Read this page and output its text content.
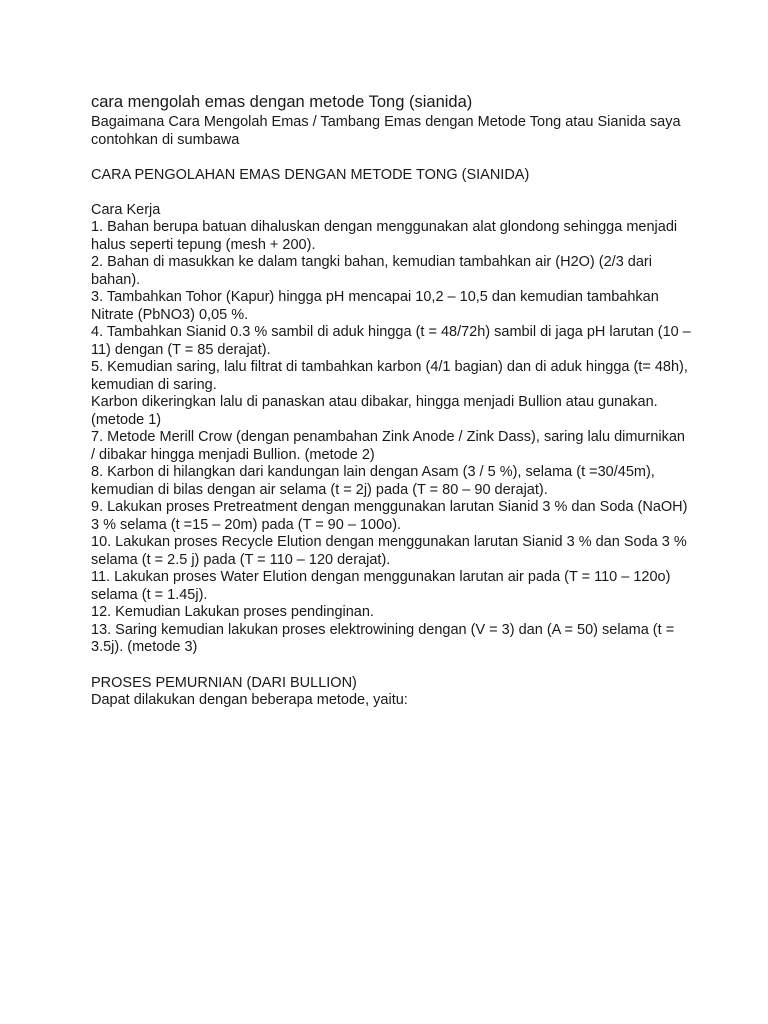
cara mengolah emas dengan metode Tong (sianida)

Bagaimana Cara Mengolah Emas / Tambang Emas dengan Metode Tong atau Sianida saya contohkan di sumbawa

CARA PENGOLAHAN EMAS DENGAN METODE TONG (SIANIDA)

Cara Kerja

1. Bahan berupa batuan dihaluskan dengan menggunakan alat glondong sehingga menjadi halus seperti tepung (mesh + 200).

2. Bahan di masukkan ke dalam tangki bahan, kemudian tambahkan air (H2O) (2/3 dari bahan).

3. Tambahkan Tohor (Kapur) hingga pH mencapai 10,2 – 10,5 dan kemudian tambahkan Nitrate (PbNO3) 0,05 %.

4. Tambahkan Sianid 0.3 % sambil di aduk hingga (t = 48/72h) sambil di jaga pH larutan (10 – 11) dengan (T = 85 derajat).

5. Kemudian saring, lalu filtrat di tambahkan karbon (4/1 bagian) dan di aduk hingga (t= 48h), kemudian di saring.

Karbon dikeringkan lalu di panaskan atau dibakar, hingga menjadi Bullion atau gunakan. (metode 1)

7. Metode Merill Crow (dengan penambahan Zink Anode / Zink Dass), saring lalu dimurnikan / dibakar hingga menjadi Bullion. (metode 2)

8. Karbon di hilangkan dari kandungan lain dengan Asam (3 / 5 %), selama (t =30/45m), kemudian di bilas dengan air selama (t = 2j) pada (T = 80 – 90 derajat).

9. Lakukan proses Pretreatment dengan menggunakan larutan Sianid 3 % dan Soda (NaOH) 3 % selama (t =15 – 20m) pada (T = 90 – 100o).

10. Lakukan proses Recycle Elution dengan menggunakan larutan Sianid 3 % dan Soda 3 % selama (t = 2.5 j) pada (T = 110 – 120 derajat).

11. Lakukan proses Water Elution dengan menggunakan larutan air pada (T = 110 – 120o) selama (t = 1.45j).

12. Kemudian Lakukan proses pendinginan.

13. Saring kemudian lakukan proses elektrowining dengan (V = 3) dan (A = 50) selama (t = 3.5j). (metode 3)

PROSES PEMURNIAN (DARI BULLION)

Dapat dilakukan dengan beberapa metode, yaitu:
